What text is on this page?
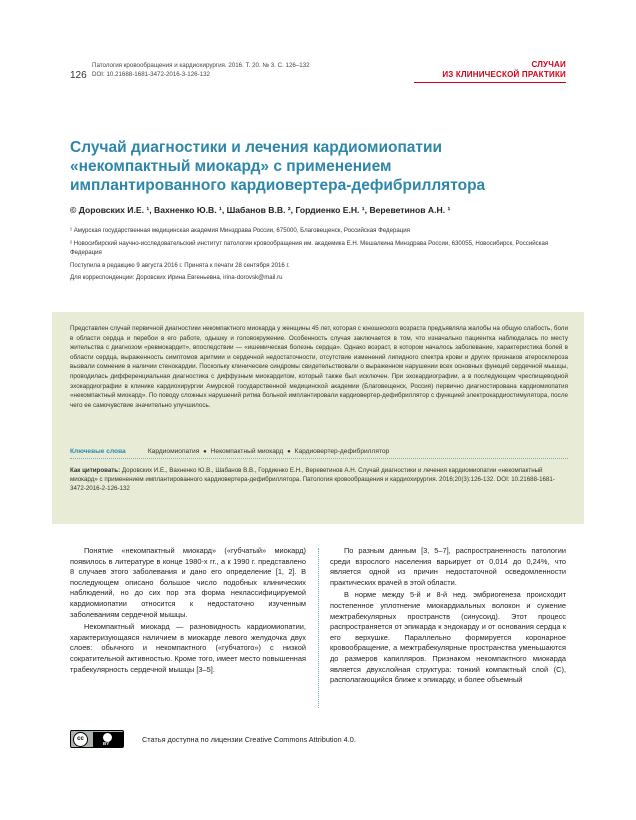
126
Патология кровообращения и кардиохирургия. 2016. Т. 20. № 3. С. 126–132
DOI: 10.21688-1681-3472-2016-3-126-132
СЛУЧАИ
ИЗ КЛИНИЧЕСКОЙ ПРАКТИКИ
Случай диагностики и лечения кардиомиопатии «некомпактный миокард» с применением имплантированного кардиовертера-дефибриллятора
© Доровских И.Е. ¹, Вахненко Ю.В. ¹, Шабанов В.В. ², Гордиенко Е.Н. ¹, Вереветинов А.Н. ¹

¹ Амурская государственная медицинская академия Минздрава России, 675000, Благовещенск, Российская Федерация

² Новосибирский научно-исследовательский институт патологии кровообращения им. академика Е.Н. Мешалкина Минздрава России, 630055, Новосибирск, Российская Федерация

Поступила в редакцию 9 августа 2016 г. Принята к печати 28 сентября 2016 г.

Для корреспонденции: Доровских Ирина Евгеньевна, irina-dorovsk@mail.ru

Представлен случай первичной диагностики некомпактного миокарда у женщины 45 лет, которая с юношеского возраста предъявляла жалобы на общую слабость, боли в области сердца и перебои в его работе, одышку и головокружение. Особенность случая заключается в том, что изначально пациентка наблюдалась по месту жительства с диагнозом «ревмокардит», впоследствии — «ишемическая болезнь сердца». Однако возраст, в котором началось заболевание, характеристика болей в области сердца, выраженность симптомов аритмии и сердечной недостаточности, отсутствие изменений липидного спектра крови и других признаков атеросклероза вызвали сомнение в наличии стенокардии. Поскольку клинические синдромы свидетельствовали о выраженном нарушении всех основных функций сердечной мышцы, проводилась дифференциальная диагностика с диффузным миокардитом, который также был исключен. При эхокардиографии, а в последующем чреспищеводной эхокардиографии в клинике кардиохирургии Амурской государственной медицинской академии (Благовещенск, Россия) первично диагностирована кардиомиопатия «некомпактный миокард». По поводу сложных нарушений ритма больной имплантировали кардиовертер-дефибриллятор с функцией электрокардиостимулятора, после чего ее самочувствие значительно улучшилось.
Ключевые слова	Кардиомиопатия ● Некомпактный миокард ● Кардиовертер-дефибриллятор
Как цитировать: Доровских И.Е., Вахненко Ю.В., Шабанов В.В., Гордиенко Е.Н., Вереветинов А.Н. Случай диагностики и лечения кардиомиопатии «некомпактный миокард» с применением имплантированного кардиовертера-дефибриллятора. Патология кровообращения и кардиохирургия. 2016;20(3):126-132. DOI: 10.21688-1681-3472-2016-2-126-132

Понятие «некомпактный миокард» («губчатый» миокард) появилось в литературе в конце 1980-х гг., а к 1990 г. представлено 8 случаев этого заболевания и дано его определение [1, 2]. В последующем описано большое число подобных клинических наблюдений, но до сих пор эта форма неклассифицируемой кардиомиопатии относится к недостаточно изученным заболеваниям сердечной мышцы.

Некомпактный миокард — разновидность кардиомиопатии, характеризующаяся наличием в миокарде левого желудочка двух слоев: обычного и некомпактного («губчатого») с низкой сократительной активностью. Кроме того, имеет место повышенная трабекулярность сердечной мышцы [3–5].

По разным данным [3, 5–7], распространенность патологии среди взрослого населения варьирует от 0,014 до 0,24%, что является одной из причин недостаточной осведомленности практических врачей в этой области.

В норме между 5-й и 8-й нед. эмбриогенеза происходит постепенное уплотнение миокардиальных волокон и сужение межтрабекулярных пространств (синусоид). Этот процесс распространяется от эпикарда к эндокарду и от основания сердца к его верхушке. Параллельно формируется коронарное кровообращение, а межтрабекулярные пространства уменьшаются до размеров капилляров. Признаком некомпактного миокарда является двухслойная структура: тонкий компактный слой (С), располагающийся ближе к эпикарду, и более объемный

cc
BY	Статья доступна по лицензии Creative Commons Attribution 4.0.
